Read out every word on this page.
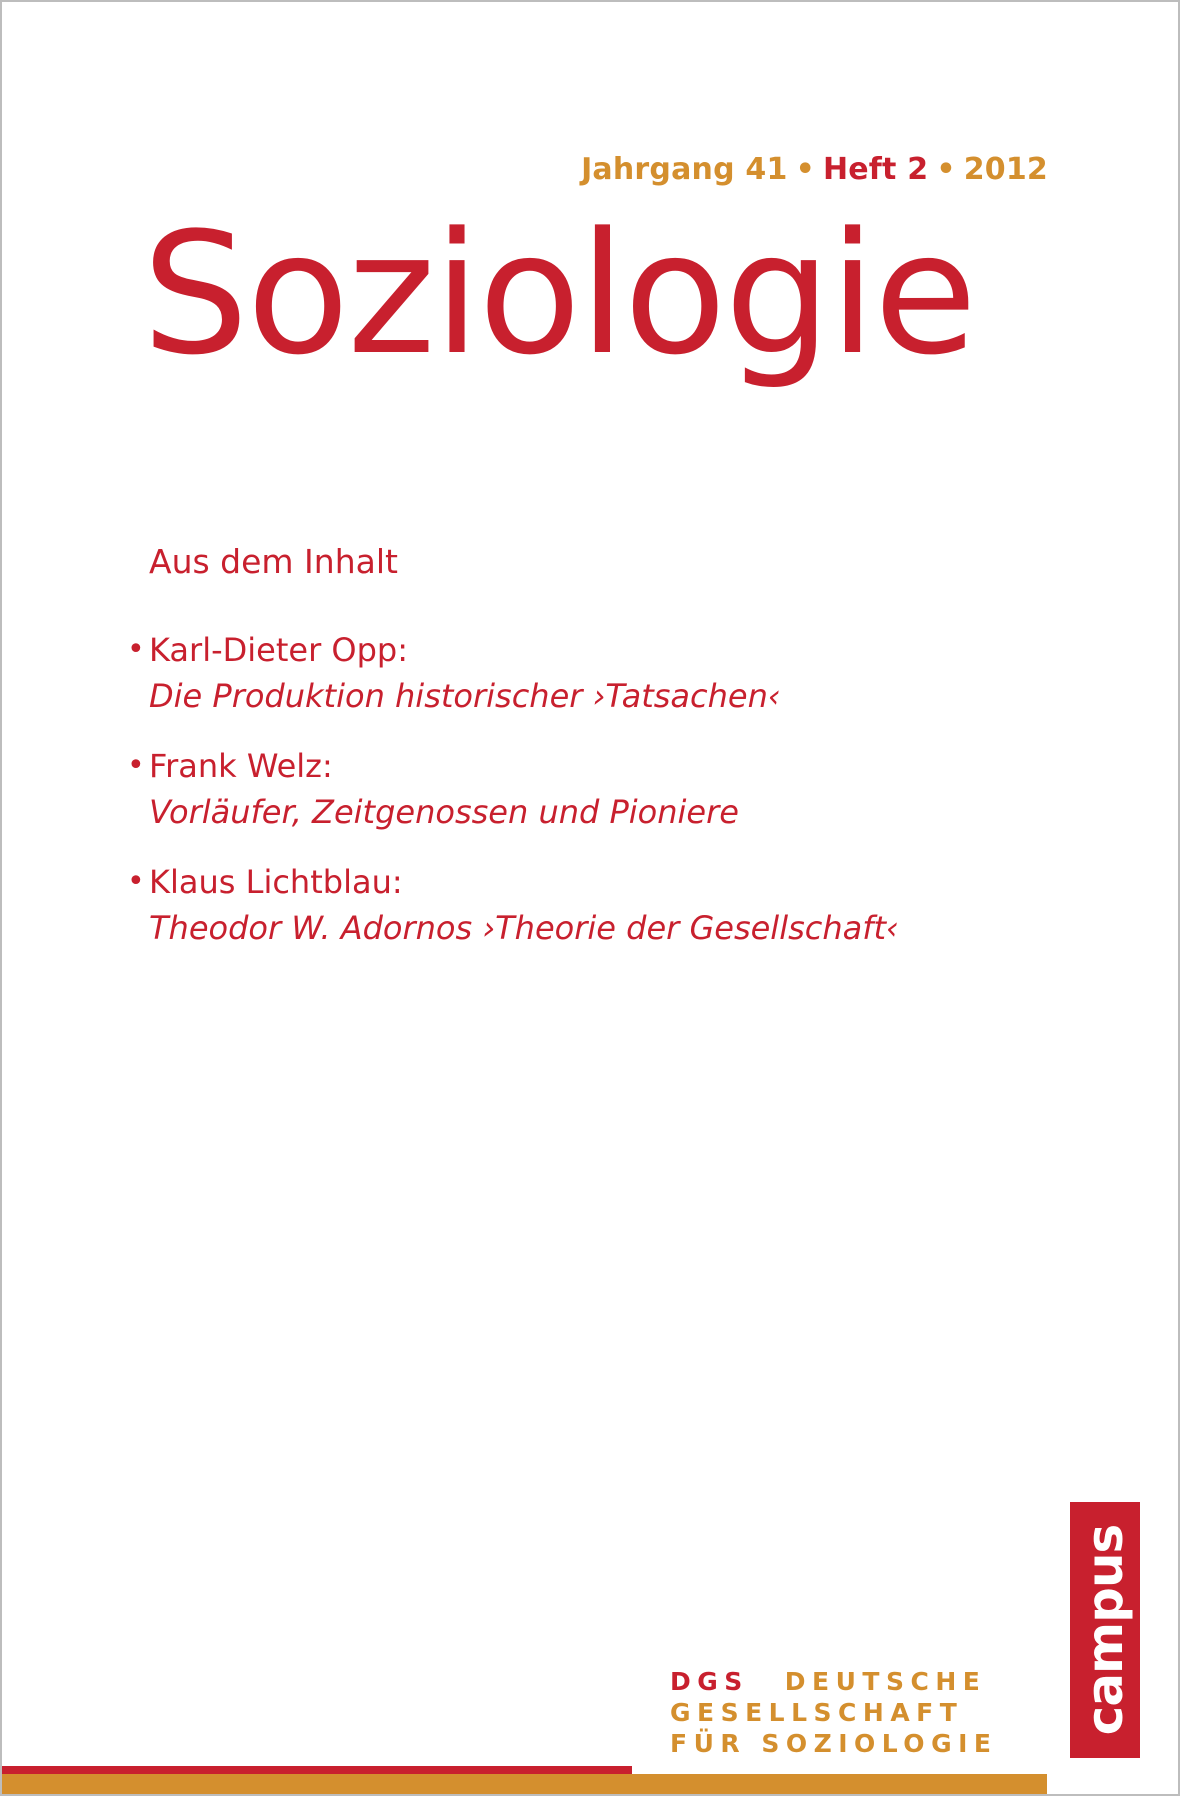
Jahrgang 41 • Heft 2 • 2012
Soziologie
Aus dem Inhalt
• Karl-Dieter Opp:
Die Produktion historischer ›Tatsachen‹
• Frank Welz:
Vorläufer, Zeitgenossen und Pioniere
• Klaus Lichtblau:
Theodor W. Adornos ›Theorie der Gesellschaft‹
campus
DGS DEUTSCHE
GESELLSCHAFT
FÜR SOZIOLOGIE
